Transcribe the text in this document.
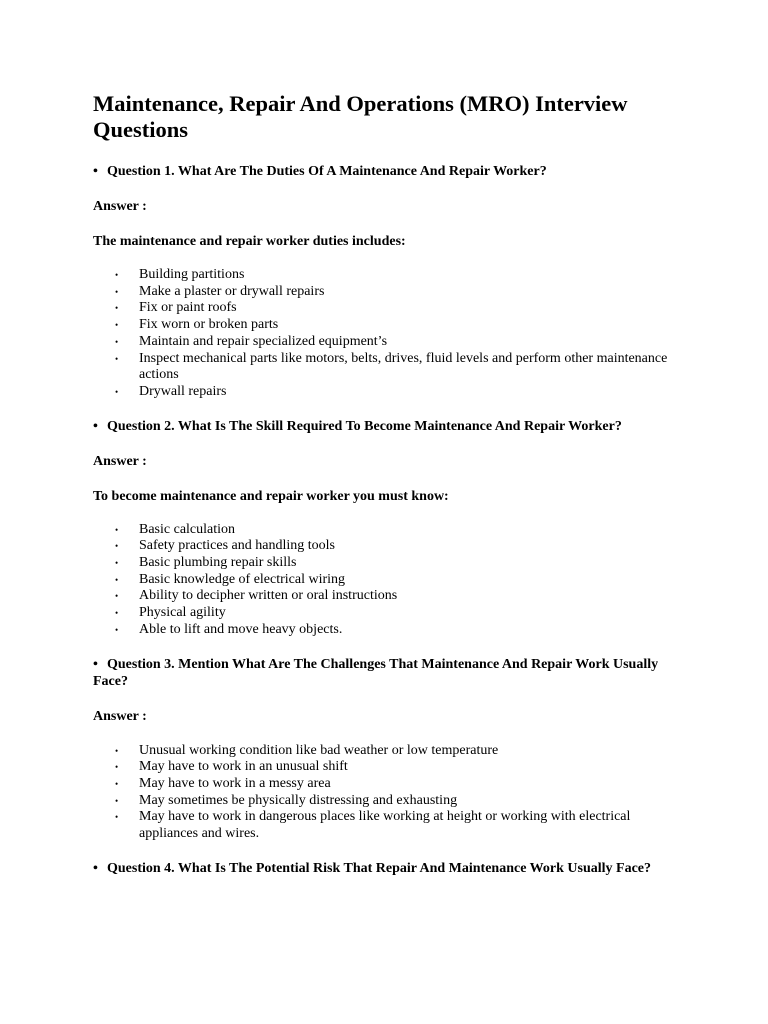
Maintenance, Repair And Operations (MRO) Interview Questions
• Question 1. What Are The Duties Of A Maintenance And Repair Worker?
Answer :
The maintenance and repair worker duties includes:
• Building partitions
• Make a plaster or drywall repairs
• Fix or paint roofs
• Fix worn or broken parts
• Maintain and repair specialized equipment’s
• Inspect mechanical parts like motors, belts, drives, fluid levels and perform other maintenance actions
• Drywall repairs
• Question 2. What Is The Skill Required To Become Maintenance And Repair Worker?
Answer :
To become maintenance and repair worker you must know:
• Basic calculation
• Safety practices and handling tools
• Basic plumbing repair skills
• Basic knowledge of electrical wiring
• Ability to decipher written or oral instructions
• Physical agility
• Able to lift and move heavy objects.
• Question 3. Mention What Are The Challenges That Maintenance And Repair Work Usually Face?
Answer :
• Unusual working condition like bad weather or low temperature
• May have to work in an unusual shift
• May have to work in a messy area
• May sometimes be physically distressing and exhausting
• May have to work in dangerous places like working at height or working with electrical appliances and wires.
• Question 4. What Is The Potential Risk That Repair And Maintenance Work Usually Face?
